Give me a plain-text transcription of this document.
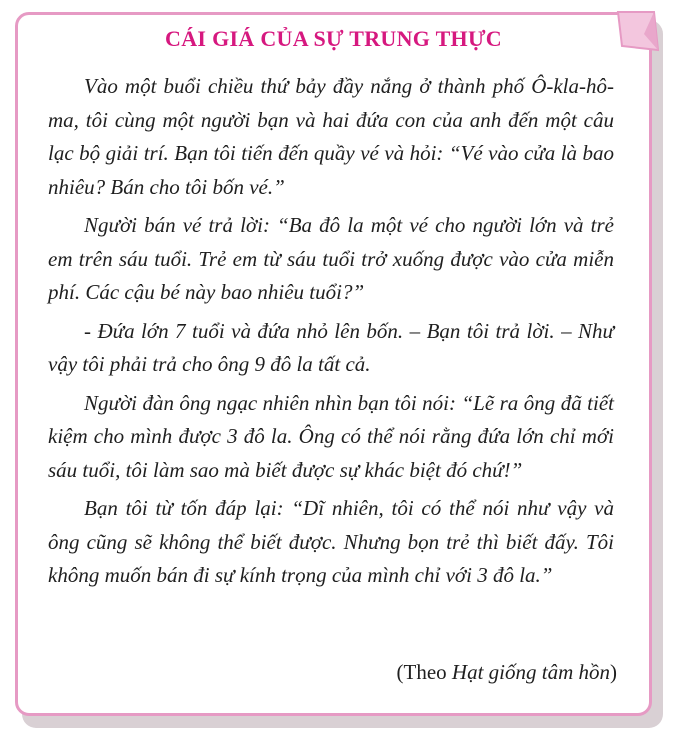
CÁI GIÁ CỦA SỰ TRUNG THỰC

Vào một buổi chiều thứ bảy đầy nắng ở thành phố Ô-kla-hô-ma, tôi cùng một người bạn và hai đứa con của anh đến một câu lạc bộ giải trí. Bạn tôi tiến đến quầy vé và hỏi: “Vé vào cửa là bao nhiêu? Bán cho tôi bốn vé.”

Người bán vé trả lời: “Ba đô la một vé cho người lớn và trẻ em trên sáu tuổi. Trẻ em từ sáu tuổi trở xuống được vào cửa miễn phí. Các cậu bé này bao nhiêu tuổi?”

- Đứa lớn 7 tuổi và đứa nhỏ lên bốn. – Bạn tôi trả lời. – Như vậy tôi phải trả cho ông 9 đô la tất cả.

Người đàn ông ngạc nhiên nhìn bạn tôi nói: “Lẽ ra ông đã tiết kiệm cho mình được 3 đô la. Ông có thể nói rằng đứa lớn chỉ mới sáu tuổi, tôi làm sao mà biết được sự khác biệt đó chứ!”

Bạn tôi từ tốn đáp lại: “Dĩ nhiên, tôi có thể nói như vậy và ông cũng sẽ không thể biết được. Nhưng bọn trẻ thì biết đấy. Tôi không muốn bán đi sự kính trọng của mình chỉ với 3 đô la.”

(Theo Hạt giống tâm hồn)
